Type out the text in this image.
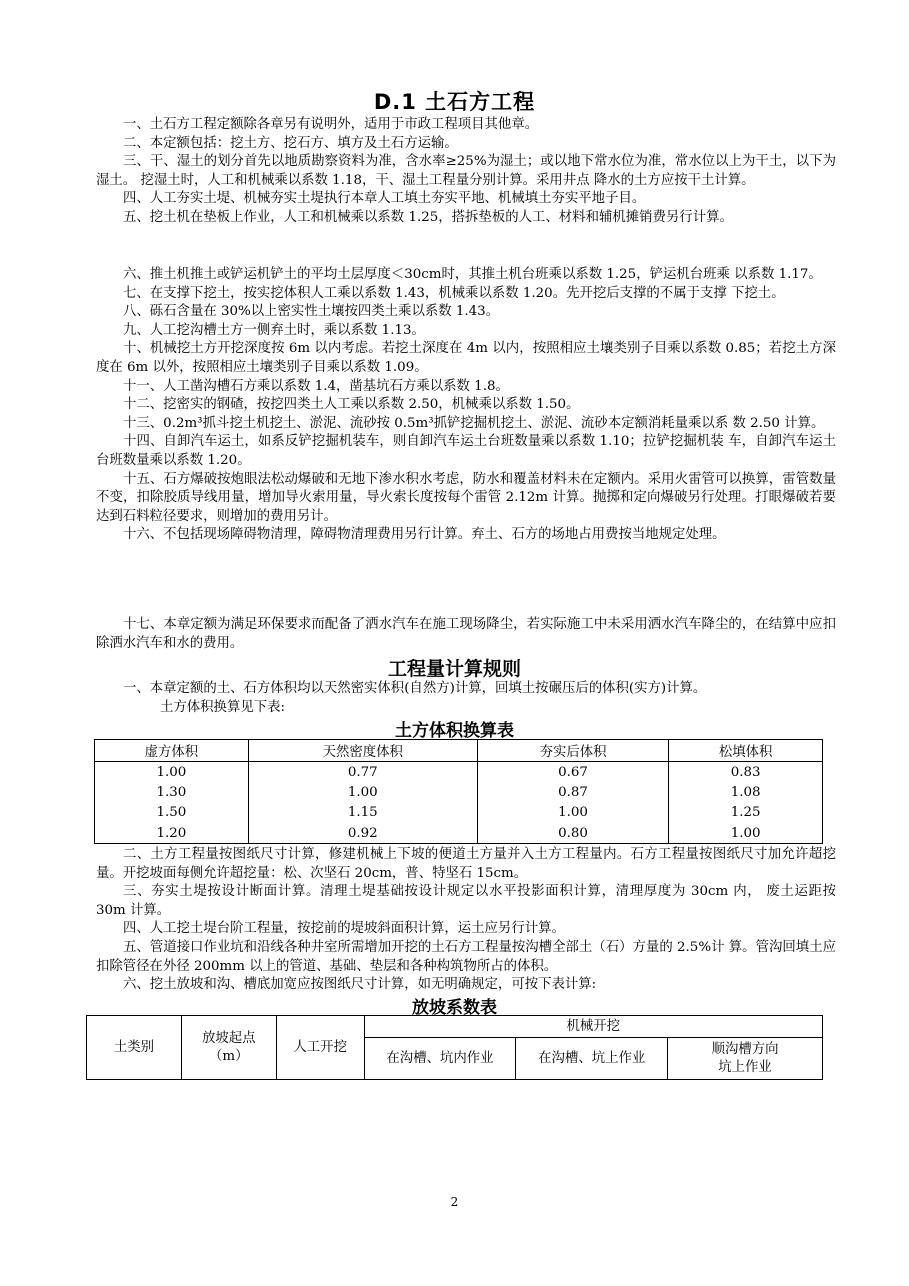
D.1 土石方工程

一、土石方工程定额除各章另有说明外，适用于市政工程项目其他章。

二、本定额包括：挖土方、挖石方、填方及土石方运输。

三、干、湿土的划分首先以地质勘察资料为准，含水率≥25%为湿土；或以地下常水位为准，常水位以上为干土，以下为湿土。 挖湿土时，人工和机械乘以系数 1.18，干、湿土工程量分别计算。采用井点 降水的土方应按干土计算。

四、人工夯实土堤、机械夯实土堤执行本章人工填土夯实平地、机械填土夯实平地子目。

五、挖土机在垫板上作业，人工和机械乘以系数 1.25，搭拆垫板的人工、材料和辅机摊销费另行计算。

六、推土机推土或铲运机铲土的平均土层厚度＜30cm时，其推土机台班乘以系数 1.25，铲运机台班乘 以系数 1.17。

七、在支撑下挖土，按实挖体积人工乘以系数 1.43，机械乘以系数 1.20。先开挖后支撑的不属于支撑 下挖土。

八、砾石含量在 30%以上密实性土壤按四类土乘以系数 1.43。

九、人工挖沟槽土方一侧弃土时，乘以系数 1.13。

十、机械挖土方开挖深度按 6m 以内考虑。若挖土深度在 4m 以内，按照相应土壤类别子目乘以系数 0.85；若挖土方深度在 6m 以外，按照相应土壤类别子目乘以系数 1.09。

十一、人工凿沟槽石方乘以系数 1.4，凿基坑石方乘以系数 1.8。

十二、挖密实的钢碴，按挖四类土人工乘以系数 2.50，机械乘以系数 1.50。

十三、0.2m³抓斗挖土机挖土、淤泥、流砂按 0.5m³抓铲挖掘机挖土、淤泥、流砂本定额消耗量乘以系 数 2.50 计算。

十四、自卸汽车运土，如系反铲挖掘机装车，则自卸汽车运土台班数量乘以系数 1.10；拉铲挖掘机装 车，自卸汽车运土台班数量乘以系数 1.20。

十五、石方爆破按炮眼法松动爆破和无地下渗水积水考虑，防水和覆盖材料未在定额内。采用火雷管可以换算，雷管数量不变，扣除胶质导线用量，增加导火索用量，导火索长度按每个雷管 2.12m 计算。抛掷和定向爆破另行处理。打眼爆破若要达到石料粒径要求，则增加的费用另计。

十六、不包括现场障碍物清理，障碍物清理费用另行计算。弃土、石方的场地占用费按当地规定处理。

十七、本章定额为满足环保要求而配备了洒水汽车在施工现场降尘，若实际施工中未采用洒水汽车降尘的，在结算中应扣除洒水汽车和水的费用。

工程量计算规则

一、本章定额的土、石方体积均以天然密实体积(自然方)计算，回填土按碾压后的体积(实方)计算。

土方体积换算见下表:

土方体积换算表
虚方体积	天然密度体积	夯实后体积	松填体积
1.00	0.77	0.67	0.83
1.30	1.00	0.87	1.08
1.50	1.15	1.00	1.25
1.20	0.92	0.80	1.00

二、土方工程量按图纸尺寸计算，修建机械上下坡的便道土方量并入土方工程量内。石方工程量按图纸尺寸加允许超挖量。开挖坡面每侧允许超挖量：松、次坚石 20cm，普、特坚石 15cm。

三、夯实土堤按设计断面计算。清理土堤基础按设计规定以水平投影面积计算，清理厚度为 30cm 内， 废土运距按 30m 计算。

四、人工挖土堤台阶工程量，按挖前的堤坡斜面积计算，运土应另行计算。

五、管道接口作业坑和沿线各种井室所需增加开挖的土石方工程量按沟槽全部土（石）方量的 2.5%计 算。管沟回填土应扣除管径在外径 200mm 以上的管道、基础、垫层和各种构筑物所占的体积。

六、挖土放坡和沟、槽底加宽应按图纸尺寸计算，如无明确规定，可按下表计算:

放坡系数表
土类别	放坡起点（m）	人工开挖	机械开挖		
			在沟槽、坑内作业	在沟槽、坑上作业	顺沟槽方向坑上作业
2
